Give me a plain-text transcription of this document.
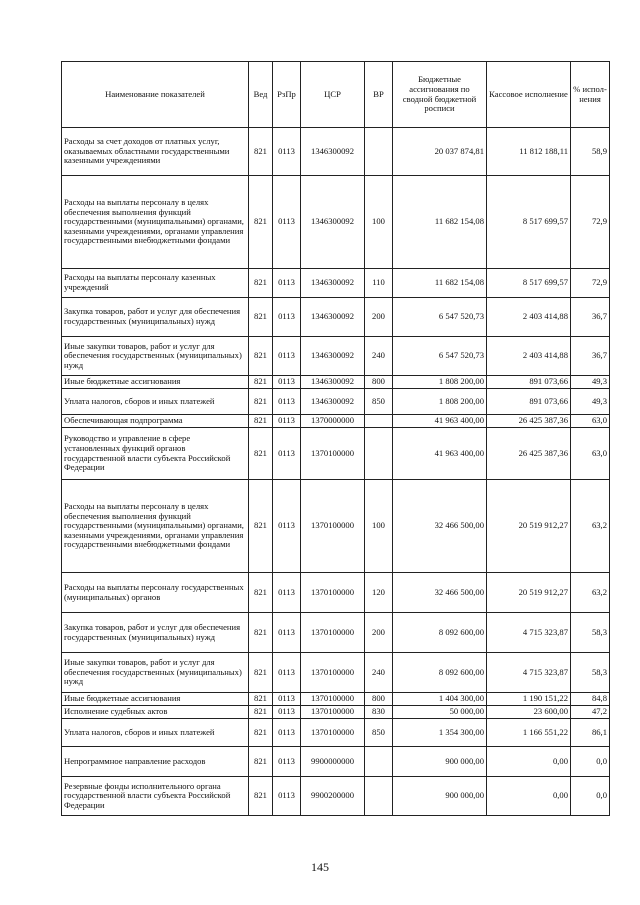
Наименование показателей	Вед	РзПр	ЦСР	ВР	Бюджетные ассигнования по сводной бюджетной росписи	Кассовое исполнение	% испол-нения
Расходы за счет доходов от платных услуг, оказываемых областными государственными казенными учреждениями	821	0113	1346300092		20 037 874,81	11 812 188,11	58,9
Расходы на выплаты персоналу в целях обеспечения выполнения функций государственными (муниципальными) органами, казенными учреждениями, органами управления государственными внебюджетными фондами	821	0113	1346300092	100	11 682 154,08	8 517 699,57	72,9
Расходы на выплаты персоналу казенных учреждений	821	0113	1346300092	110	11 682 154,08	8 517 699,57	72,9
Закупка товаров, работ и услуг для обеспечения государственных (муниципальных) нужд	821	0113	1346300092	200	6 547 520,73	2 403 414,88	36,7
Иные закупки товаров, работ и услуг для обеспечения государственных (муниципальных) нужд	821	0113	1346300092	240	6 547 520,73	2 403 414,88	36,7
Иные бюджетные ассигнования	821	0113	1346300092	800	1 808 200,00	891 073,66	49,3
Уплата налогов, сборов и иных платежей	821	0113	1346300092	850	1 808 200,00	891 073,66	49,3
Обеспечивающая подпрограмма	821	0113	1370000000		41 963 400,00	26 425 387,36	63,0
Руководство и управление в сфере установленных функций органов государственной власти субъекта Российской Федерации	821	0113	1370100000		41 963 400,00	26 425 387,36	63,0
Расходы на выплаты персоналу в целях обеспечения выполнения функций государственными (муниципальными) органами, казенными учреждениями, органами управления государственными внебюджетными фондами	821	0113	1370100000	100	32 466 500,00	20 519 912,27	63,2
Расходы на выплаты персоналу государственных (муниципальных) органов	821	0113	1370100000	120	32 466 500,00	20 519 912,27	63,2
Закупка товаров, работ и услуг для обеспечения государственных (муниципальных) нужд	821	0113	1370100000	200	8 092 600,00	4 715 323,87	58,3
Иные закупки товаров, работ и услуг для обеспечения государственных (муниципальных) нужд	821	0113	1370100000	240	8 092 600,00	4 715 323,87	58,3
Иные бюджетные ассигнования	821	0113	1370100000	800	1 404 300,00	1 190 151,22	84,8
Исполнение судебных актов	821	0113	1370100000	830	50 000,00	23 600,00	47,2
Уплата налогов, сборов и иных платежей	821	0113	1370100000	850	1 354 300,00	1 166 551,22	86,1
Непрограммное направление расходов	821	0113	9900000000		900 000,00	0,00	0,0
Резервные фонды исполнительного органа государственной власти субъекта Российской Федерации	821	0113	9900200000		900 000,00	0,00	0,0
145
